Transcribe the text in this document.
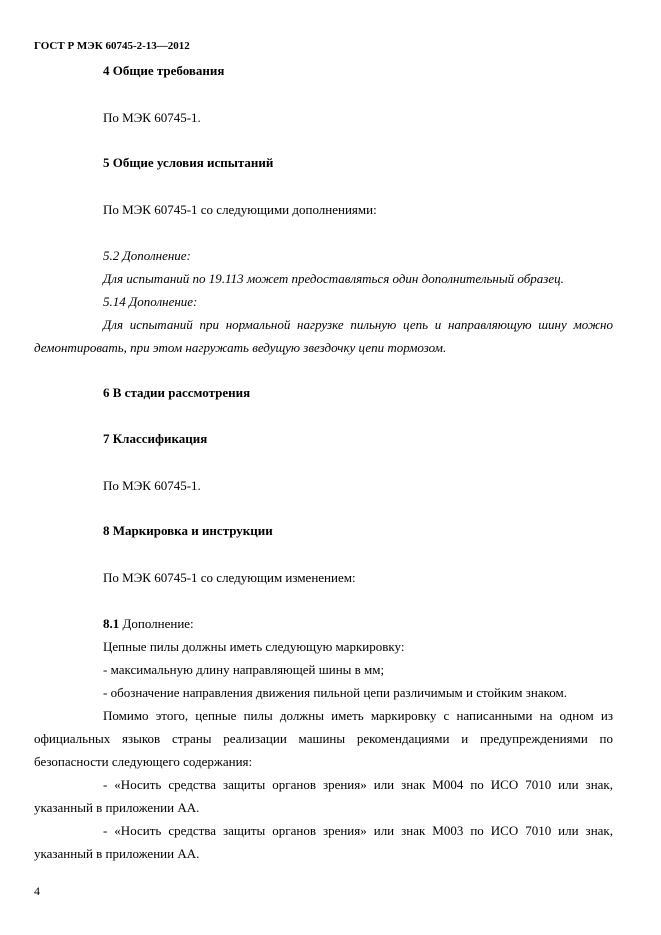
ГОСТ Р МЭК 60745-2-13—2012
4 Общие требования
По МЭК 60745-1.
5 Общие условия испытаний
По МЭК 60745-1 со следующими дополнениями:
5.2 Дополнение:
Для испытаний по 19.113 может предоставляться один дополнительный образец.
5.14 Дополнение:
Для испытаний при нормальной нагрузке пильную цепь и направляющую шину можно
демонтировать, при этом нагружать ведущую звездочку цепи тормозом.
6 В стадии рассмотрения
7 Классификация
По МЭК 60745-1.
8 Маркировка и инструкции
По МЭК 60745-1 со следующим изменением:
8.1 Дополнение:
Цепные пилы должны иметь следующую маркировку:
- максимальную длину направляющей шины в мм;
- обозначение направления движения пильной цепи различимым и стойким знаком.
Помимо этого, цепные пилы должны иметь маркировку с написанными на одном из
официальных языков страны реализации машины рекомендациями и предупреждениями по
безопасности следующего содержания:
- «Носить средства защиты органов зрения» или знак М004 по ИСО 7010 или знак,
указанный в приложении АА.
- «Носить средства защиты органов зрения» или знак М003 по ИСО 7010 или знак,
указанный в приложении АА.
4
